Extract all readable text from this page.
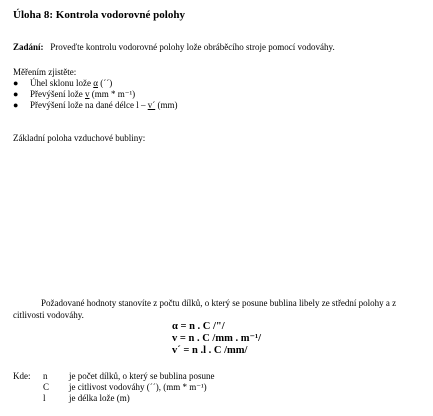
Úloha 8: Kontrola vodorovné polohy
Zadání: Proveďte kontrolu vodorovné polohy lože obráběcího stroje pomocí vodováhy.
Měřením zjistěte:
● Úhel sklonu lože α (´´)
● Převýšení lože v (mm * m⁻¹)
● Převýšení lože na dané délce l – v´ (mm)
Základní poloha vzduchové bubliny:
Požadované hodnoty stanovíte z počtu dílků, o který se posune bublina libely ze střední polohy a z citlivosti vodováhy.
α = n . C /"/
v = n . C /mm . m⁻¹/
v´ = n .l . C /mm/
Kde: n je počet dílků, o který se bublina posune
C je citlivost vodováhy (´´), (mm * m⁻¹)
l	je délka lože (m)
